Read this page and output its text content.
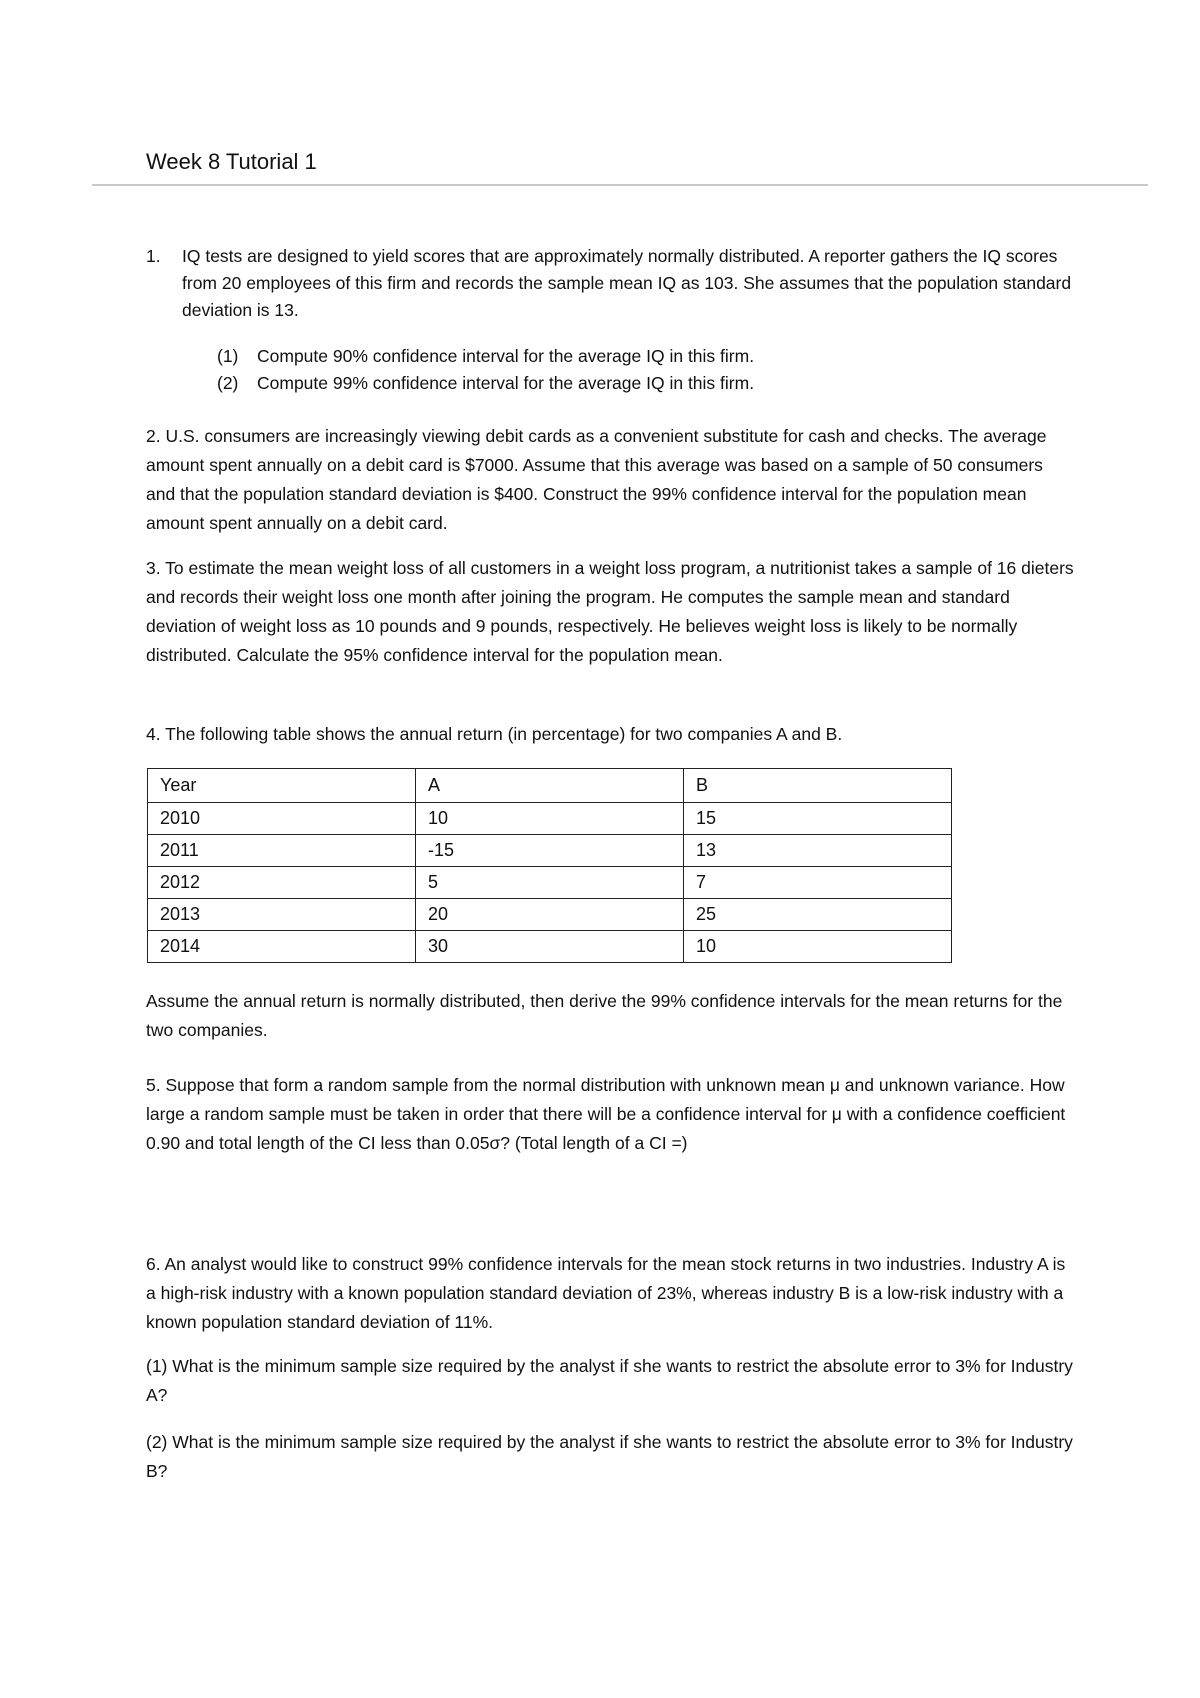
Week 8 Tutorial 1
1. IQ tests are designed to yield scores that are approximately normally distributed. A reporter gathers the IQ scores from 20 employees of this firm and records the sample mean IQ as 103. She assumes that the population standard deviation is 13.

(1) Compute 90% confidence interval for the average IQ in this firm.
(2) Compute 99% confidence interval for the average IQ in this firm.

2. U.S. consumers are increasingly viewing debit cards as a convenient substitute for cash and checks. The average amount spent annually on a debit card is $7000. Assume that this average was based on a sample of 50 consumers and that the population standard deviation is $400. Construct the 99% confidence interval for the population mean amount spent annually on a debit card.

3. To estimate the mean weight loss of all customers in a weight loss program, a nutritionist takes a sample of 16 dieters and records their weight loss one month after joining the program. He computes the sample mean and standard deviation of weight loss as 10 pounds and 9 pounds, respectively. He believes weight loss is likely to be normally distributed. Calculate the 95% confidence interval for the population mean.

4. The following table shows the annual return (in percentage) for two companies A and B.

Year	A	B
2010	10	15
2011	-15	13
2012	5	7
2013	20	25
2014	30	10

Assume the annual return is normally distributed, then derive the 99% confidence intervals for the mean returns for the two companies.

5. Suppose that form a random sample from the normal distribution with unknown mean μ and unknown variance. How large a random sample must be taken in order that there will be a confidence interval for μ with a confidence coefficient 0.90 and total length of the CI less than 0.05σ? (Total length of a CI =)

6. An analyst would like to construct 99% confidence intervals for the mean stock returns in two industries. Industry A is a high-risk industry with a known population standard deviation of 23%, whereas industry B is a low-risk industry with a known population standard deviation of 11%.

(1) What is the minimum sample size required by the analyst if she wants to restrict the absolute error to 3% for Industry A?

(2) What is the minimum sample size required by the analyst if she wants to restrict the absolute error to 3% for Industry B?
